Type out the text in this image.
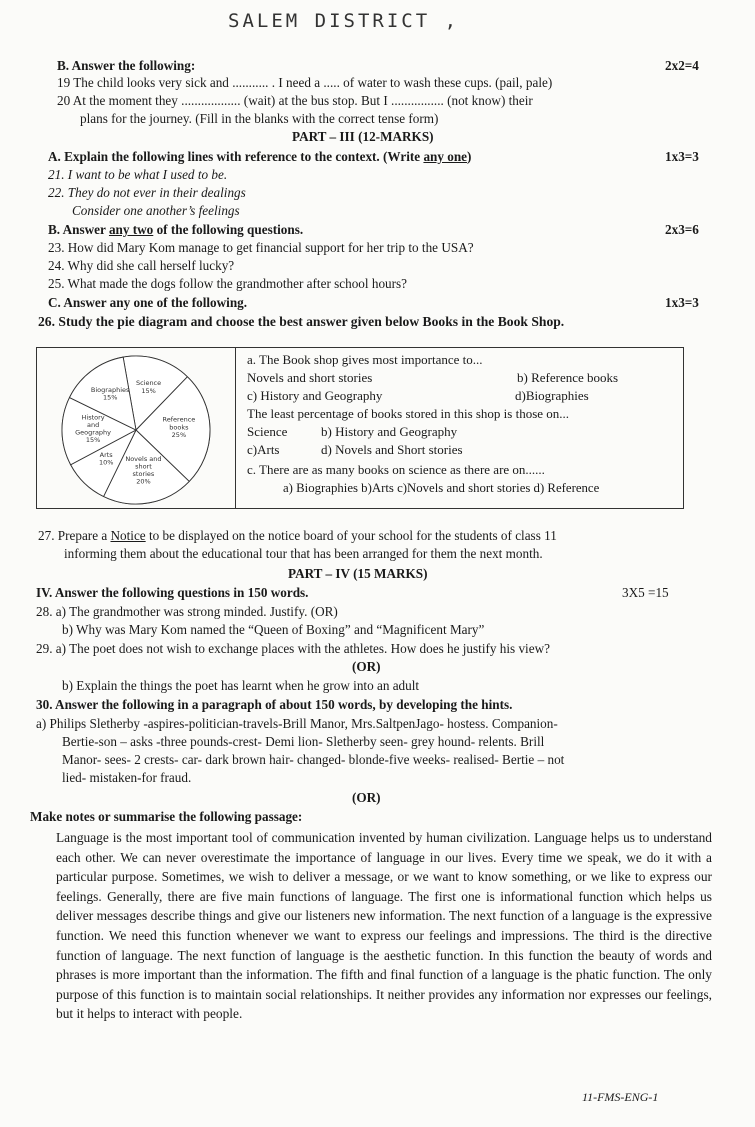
SALEM DISTRICT ,
B. Answer the following:	2x2=4
19 The child looks very sick and ........... . I need a ..... of water to wash these cups. (pail, pale)
20 At the moment they .................. (wait) at the bus stop. But I ................ (not know) their
plans for the journey. (Fill in the blanks with the correct tense form)
PART – III (12-MARKS)
A. Explain the following lines with reference to the context. (Write any one)	1x3=3
21. I want to be what I used to be.
22. They do not ever in their dealings
Consider one another’s feelings
B. Answer any two of the following questions.	2x3=6
23. How did Mary Kom manage to get financial support for her trip to the USA?
24. Why did she call herself lucky?
25. What made the dogs follow the grandmother after school hours?
C. Answer any one of the following.	1x3=3
26. Study the pie diagram and choose the best answer given below Books in the Book Shop.
Science 15%
Reference books 25%
Novels and short stories 20%
Arts 10%
History and Geography 15%
Biographies 15%
a. The Book shop gives most importance to...
Novels and short stories	b) Reference books
c) History and Geography	d)Biographies
The least percentage of books stored in this shop is those on...
Science	b) History and Geography
c)Arts	d) Novels and Short stories
c. There are as many books on science as there are on......
a) Biographies b)Arts c)Novels and short stories d) Reference
27. Prepare a Notice to be displayed on the notice board of your school for the students of class 11
informing them about the educational tour that has been arranged for them the next month.
PART – IV (15 MARKS)
IV. Answer the following questions in 150 words.	3X5 =15
28. a) The grandmother was strong minded. Justify. (OR)
b) Why was Mary Kom named the “Queen of Boxing” and “Magnificent Mary”
29. a) The poet does not wish to exchange places with the athletes. How does he justify his view?
(OR)
b) Explain the things the poet has learnt when he grow into an adult
30. Answer the following in a paragraph of about 150 words, by developing the hints.
a) Philips Sletherby -aspires-politician-travels-Brill Manor, Mrs.SaltpenJago- hostess. Companion-
Bertie-son – asks -three pounds-crest- Demi lion- Sletherby seen- grey hound- relents. Brill
Manor- sees- 2 crests- car- dark brown hair- changed- blonde-five weeks- realised- Bertie – not
lied- mistaken-for fraud.
(OR)
Make notes or summarise the following passage:
Language is the most important tool of communication invented by human civilization. Language helps us to understand each other. We can never overestimate the importance of language in our lives. Every time we speak, we do it with a particular purpose. Sometimes, we wish to deliver a message, or we want to know something, or we like to express our feelings. Generally, there are five main functions of language. The first one is informational function which helps us deliver messages describe things and give our listeners new information. The next function of a language is the expressive function. We need this function whenever we want to express our feelings and impressions. The third is the directive function of language. The next function of language is the aesthetic function. In this function the beauty of words and phrases is more important than the information. The fifth and final function of a language is the phatic function. The only purpose of this function is to maintain social relationships. It neither provides any information nor expresses our feelings, but it helps to interact with people.
11-FMS-ENG-1
